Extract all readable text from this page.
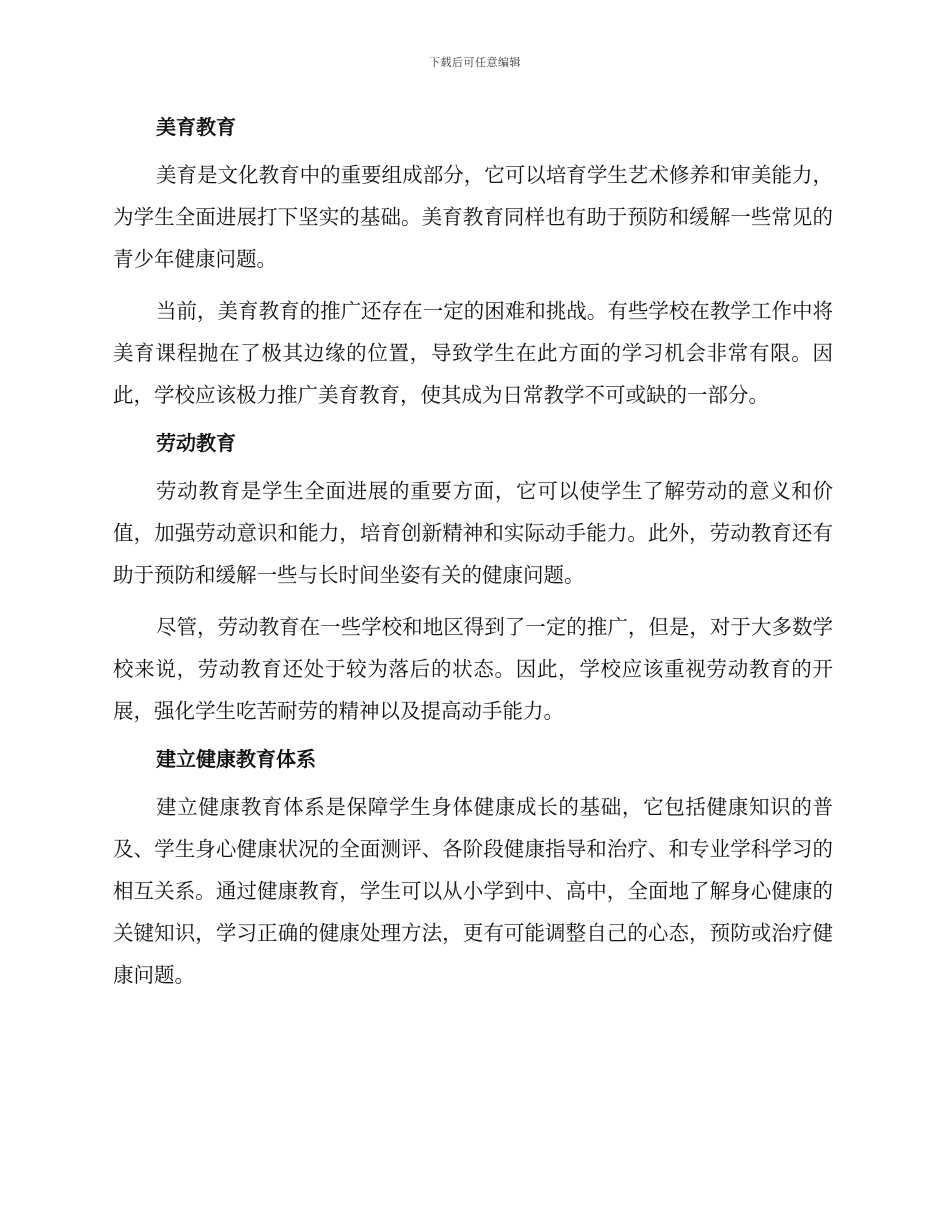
下载后可任意编辑
美育教育

美育是文化教育中的重要组成部分，它可以培育学生艺术修养和审美能力，为学生全面进展打下坚实的基础。美育教育同样也有助于预防和缓解一些常见的青少年健康问题。

当前，美育教育的推广还存在一定的困难和挑战。有些学校在教学工作中将美育课程抛在了极其边缘的位置，导致学生在此方面的学习机会非常有限。因此，学校应该极力推广美育教育，使其成为日常教学不可或缺的一部分。

劳动教育

劳动教育是学生全面进展的重要方面，它可以使学生了解劳动的意义和价值，加强劳动意识和能力，培育创新精神和实际动手能力。此外，劳动教育还有助于预防和缓解一些与长时间坐姿有关的健康问题。

尽管，劳动教育在一些学校和地区得到了一定的推广，但是，对于大多数学校来说，劳动教育还处于较为落后的状态。因此，学校应该重视劳动教育的开展，强化学生吃苦耐劳的精神以及提高动手能力。

建立健康教育体系

建立健康教育体系是保障学生身体健康成长的基础，它包括健康知识的普及、学生身心健康状况的全面测评、各阶段健康指导和治疗、和专业学科学习的相互关系。通过健康教育，学生可以从小学到中、高中，全面地了解身心健康的关键知识，学习正确的健康处理方法，更有可能调整自己的心态，预防或治疗健康问题。
